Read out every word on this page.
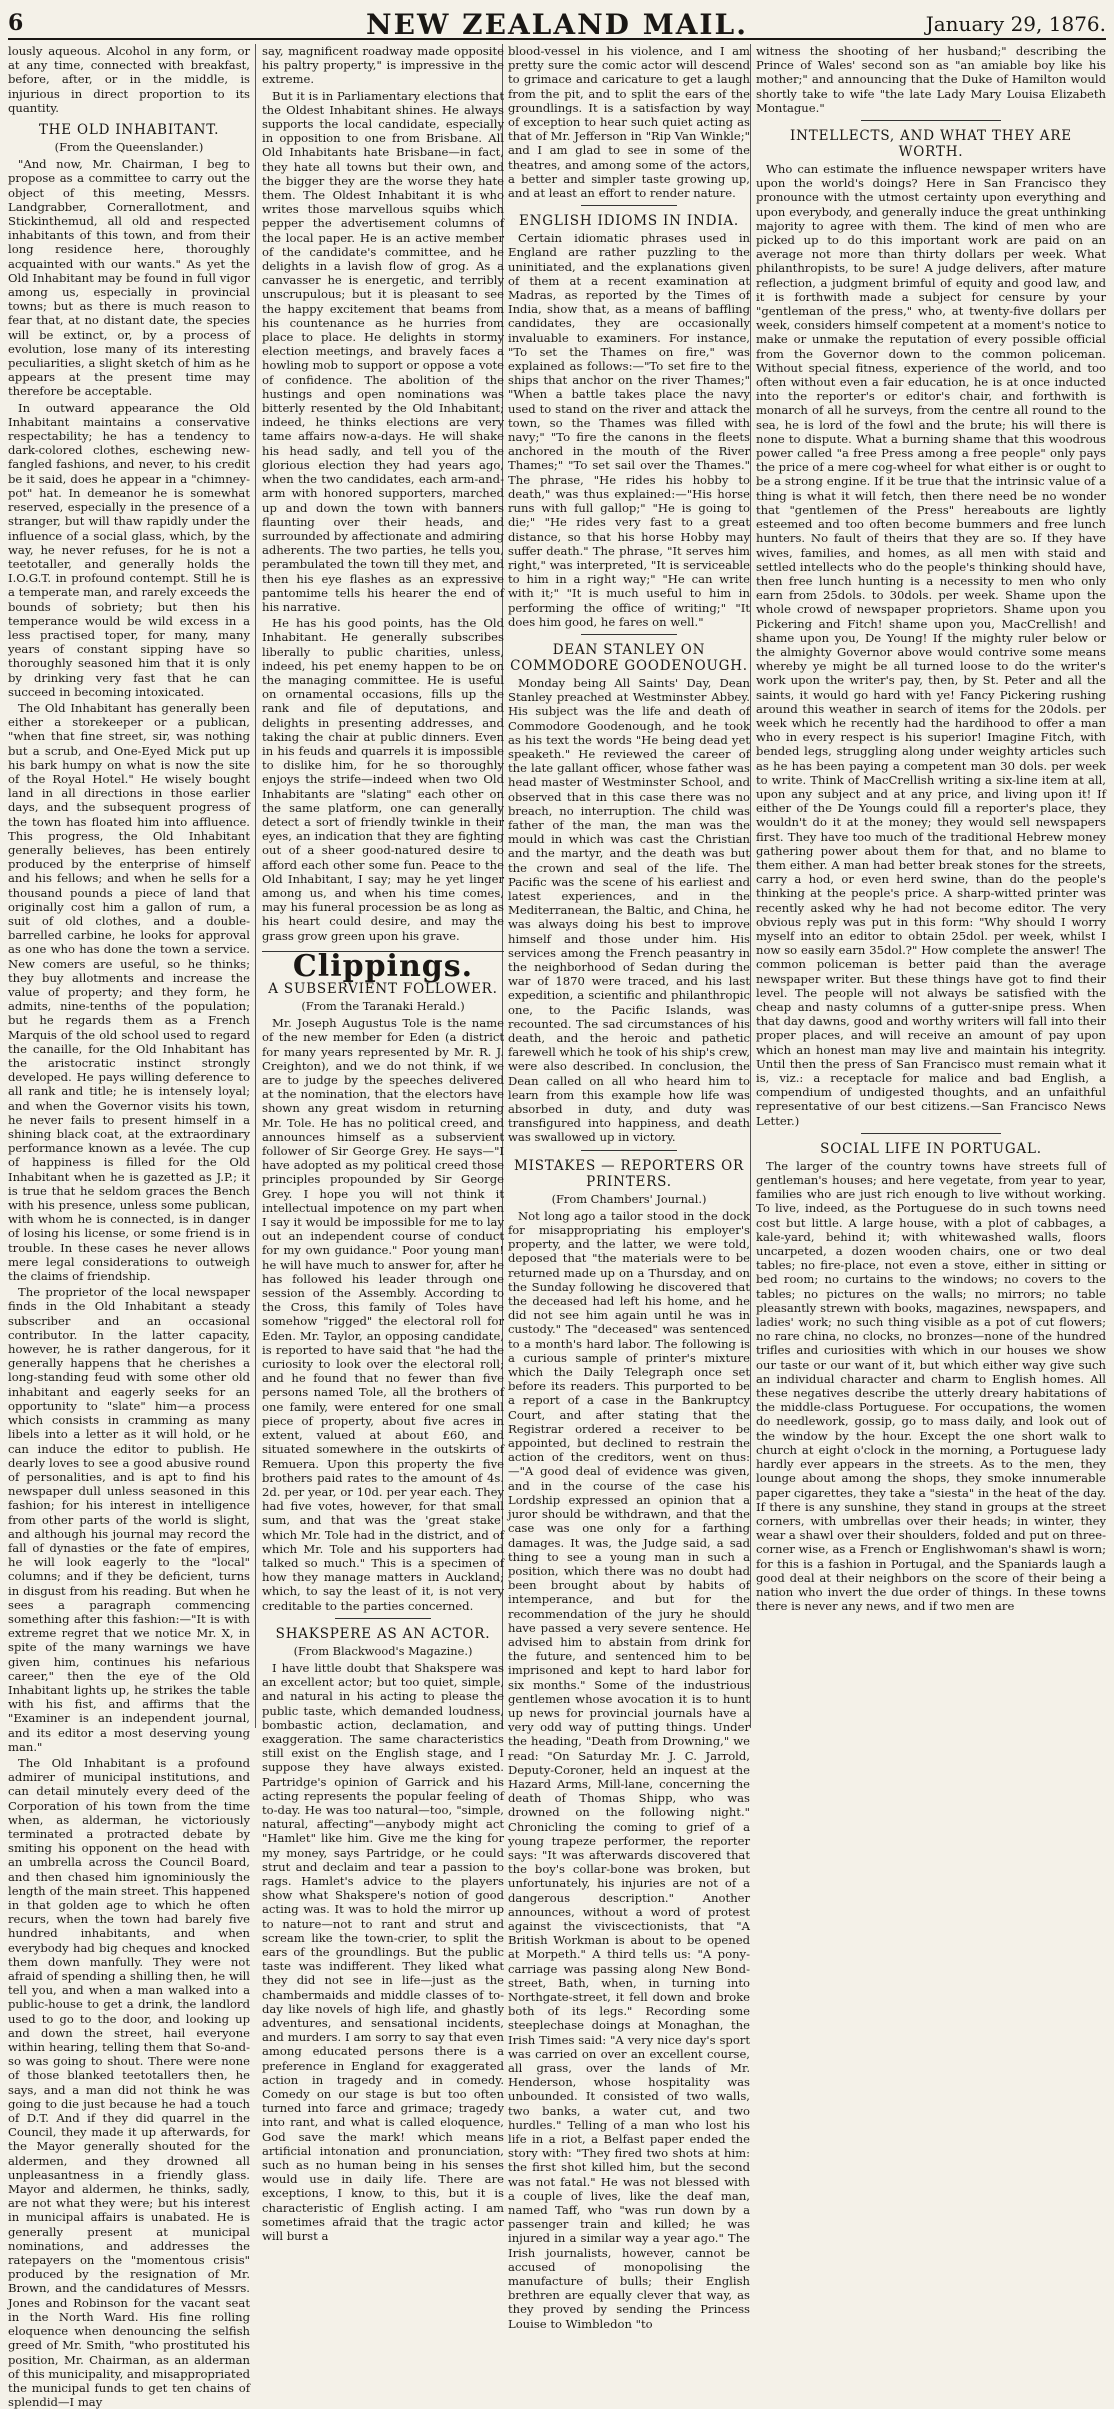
6	NEW ZEALAND MAIL.	January 29, 1876.

lously aqueous. Alcohol in any form, or at any time, connected with breakfast, before, after, or in the middle, is injurious in direct proportion to its quantity.

THE OLD INHABITANT.
(From the Queenslander.)

"And now, Mr. Chairman, I beg to propose as a committee to carry out the object of this meeting, Messrs. Landgrabber, Cornerallotment, and Stickinthemud, all old and respected inhabitants of this town, and from their long residence here, thoroughly acquainted with our wants." As yet the Old Inhabitant may be found in full vigor among us, especially in provincial towns; but as there is much reason to fear that, at no distant date, the species will be extinct, or, by a process of evolution, lose many of its interesting peculiarities, a slight sketch of him as he appears at the present time may therefore be acceptable.

In outward appearance the Old Inhabitant maintains a conservative respectability; he has a tendency to dark-colored clothes, eschewing new-fangled fashions, and never, to his credit be it said, does he appear in a "chimney-pot" hat. In demeanor he is somewhat reserved, especially in the presence of a stranger, but will thaw rapidly under the influence of a social glass, which, by the way, he never refuses, for he is not a teetotaller, and generally holds the I.O.G.T. in profound contempt. Still he is a temperate man, and rarely exceeds the bounds of sobriety; but then his temperance would be wild excess in a less practised toper, for many, many years of constant sipping have so thoroughly seasoned him that it is only by drinking very fast that he can succeed in becoming intoxicated.

The Old Inhabitant has generally been either a storekeeper or a publican, "when that fine street, sir, was nothing but a scrub, and One-Eyed Mick put up his bark humpy on what is now the site of the Royal Hotel." He wisely bought land in all directions in those earlier days, and the subsequent progress of the town has floated him into affluence. This progress, the Old Inhabitant generally believes, has been entirely produced by the enterprise of himself and his fellows; and when he sells for a thousand pounds a piece of land that originally cost him a gallon of rum, a suit of old clothes, and a double-barrelled carbine, he looks for approval as one who has done the town a service. New comers are useful, so he thinks; they buy allotments and increase the value of property; and they form, he admits, nine-tenths of the population; but he regards them as a French Marquis of the old school used to regard the canaille, for the Old Inhabitant has the aristocratic instinct strongly developed. He pays willing deference to all rank and title; he is intensely loyal; and when the Governor visits his town, he never fails to present himself in a shining black coat, at the extraordinary performance known as a levée. The cup of happiness is filled for the Old Inhabitant when he is gazetted as J.P.; it is true that he seldom graces the Bench with his presence, unless some publican, with whom he is connected, is in danger of losing his license, or some friend is in trouble. In these cases he never allows mere legal considerations to outweigh the claims of friendship.

The proprietor of the local newspaper finds in the Old Inhabitant a steady subscriber and an occasional contributor. In the latter capacity, however, he is rather dangerous, for it generally happens that he cherishes a long-standing feud with some other old inhabitant and eagerly seeks for an opportunity to "slate" him—a process which consists in cramming as many libels into a letter as it will hold, or he can induce the editor to publish. He dearly loves to see a good abusive round of personalities, and is apt to find his newspaper dull unless seasoned in this fashion; for his interest in intelligence from other parts of the world is slight, and although his journal may record the fall of dynasties or the fate of empires, he will look eagerly to the "local" columns; and if they be deficient, turns in disgust from his reading. But when he sees a paragraph commencing something after this fashion:—"It is with extreme regret that we notice Mr. X, in spite of the many warnings we have given him, continues his nefarious career," then the eye of the Old Inhabitant lights up, he strikes the table with his fist, and affirms that the "Examiner is an independent journal, and its editor a most deserving young man."

The Old Inhabitant is a profound admirer of municipal institutions, and can detail minutely every deed of the Corporation of his town from the time when, as alderman, he victoriously terminated a protracted debate by smiting his opponent on the head with an umbrella across the Council Board, and then chased him ignominiously the length of the main street. This happened in that golden age to which he often recurs, when the town had barely five hundred inhabitants, and when everybody had big cheques and knocked them down manfully. They were not afraid of spending a shilling then, he will tell you, and when a man walked into a public-house to get a drink, the landlord used to go to the door, and looking up and down the street, hail everyone within hearing, telling them that So-and-so was going to shout. There were none of those blanked teetotallers then, he says, and a man did not think he was going to die just because he had a touch of D.T. And if they did quarrel in the Council, they made it up afterwards, for the Mayor generally shouted for the aldermen, and they drowned all unpleasantness in a friendly glass. Mayor and aldermen, he thinks, sadly, are not what they were; but his interest in municipal affairs is unabated. He is generally present at municipal nominations, and addresses the ratepayers on the "momentous crisis" produced by the resignation of Mr. Brown, and the candidatures of Messrs. Jones and Robinson for the vacant seat in the North Ward. His fine rolling eloquence when denouncing the selfish greed of Mr. Smith, "who prostituted his position, Mr. Chairman, as an alderman of this municipality, and misappropriated the municipal funds to get ten chains of splendid—I may

say, magnificent roadway made opposite his paltry property," is impressive in the extreme.

But it is in Parliamentary elections that the Oldest Inhabitant shines. He always supports the local candidate, especially in opposition to one from Brisbane. All Old Inhabitants hate Brisbane—in fact, they hate all towns but their own, and the bigger they are the worse they hate them. The Oldest Inhabitant it is who writes those marvellous squibs which pepper the advertisement columns of the local paper. He is an active member of the candidate's committee, and he delights in a lavish flow of grog. As a canvasser he is energetic, and terribly unscrupulous; but it is pleasant to see the happy excitement that beams from his countenance as he hurries from place to place. He delights in stormy election meetings, and bravely faces a howling mob to support or oppose a vote of confidence. The abolition of the hustings and open nominations was bitterly resented by the Old Inhabitant; indeed, he thinks elections are very tame affairs now-a-days. He will shake his head sadly, and tell you of the glorious election they had years ago, when the two candidates, each arm-and-arm with honored supporters, marched up and down the town with banners flaunting over their heads, and surrounded by affectionate and admiring adherents. The two parties, he tells you, perambulated the town till they met, and then his eye flashes as an expressive pantomime tells his hearer the end of his narrative.

He has his good points, has the Old Inhabitant. He generally subscribes liberally to public charities, unless, indeed, his pet enemy happen to be on the managing committee. He is useful on ornamental occasions, fills up the rank and file of deputations, and delights in presenting addresses, and taking the chair at public dinners. Even in his feuds and quarrels it is impossible to dislike him, for he so thoroughly enjoys the strife—indeed when two Old Inhabitants are "slating" each other on the same platform, one can generally detect a sort of friendly twinkle in their eyes, an indication that they are fighting out of a sheer good-natured desire to afford each other some fun. Peace to the Old Inhabitant, I say; may he yet linger among us, and when his time comes, may his funeral procession be as long as his heart could desire, and may the grass grow green upon his grave.

Clippings.
A SUBSERVIENT FOLLOWER.
(From the Taranaki Herald.)

Mr. Joseph Augustus Tole is the name of the new member for Eden (a district for many years represented by Mr. R. J. Creighton), and we do not think, if we are to judge by the speeches delivered at the nomination, that the electors have shown any great wisdom in returning Mr. Tole. He has no political creed, and announces himself as a subservient follower of Sir George Grey. He says—"I have adopted as my political creed those principles propounded by Sir George Grey. I hope you will not think it intellectual impotence on my part when I say it would be impossible for me to lay out an independent course of conduct for my own guidance." Poor young man! he will have much to answer for, after he has followed his leader through one session of the Assembly. According to the Cross, this family of Toles have somehow "rigged" the electoral roll for Eden. Mr. Taylor, an opposing candidate, is reported to have said that "he had the curiosity to look over the electoral roll; and he found that no fewer than five persons named Tole, all the brothers of one family, were entered for one small piece of property, about five acres in extent, valued at about £60, and situated somewhere in the outskirts of Remuera. Upon this property the five brothers paid rates to the amount of 4s. 2d. per year, or 10d. per year each. They had five votes, however, for that small sum, and that was the 'great stake' which Mr. Tole had in the district, and of which Mr. Tole and his supporters had talked so much." This is a specimen of how they manage matters in Auckland; which, to say the least of it, is not very creditable to the parties concerned.

SHAKSPERE AS AN ACTOR.
(From Blackwood's Magazine.)

I have little doubt that Shakspere was an excellent actor; but too quiet, simple, and natural in his acting to please the public taste, which demanded loudness, bombastic action, declamation, and exaggeration. The same characteristics still exist on the English stage, and I suppose they have always existed. Partridge's opinion of Garrick and his acting represents the popular feeling of to-day. He was too natural—too, "simple, natural, affecting"—anybody might act "Hamlet" like him. Give me the king for my money, says Partridge, or he could strut and declaim and tear a passion to rags. Hamlet's advice to the players show what Shakspere's notion of good acting was. It was to hold the mirror up to nature—not to rant and strut and scream like the town-crier, to split the ears of the groundlings. But the public taste was indifferent. They liked what they did not see in life—just as the chambermaids and middle classes of to-day like novels of high life, and ghastly adventures, and sensational incidents, and murders. I am sorry to say that even among educated persons there is a preference in England for exaggerated action in tragedy and in comedy. Comedy on our stage is but too often turned into farce and grimace; tragedy into rant, and what is called eloquence, God save the mark! which means artificial intonation and pronunciation, such as no human being in his senses would use in daily life. There are exceptions, I know, to this, but it is characteristic of English acting. I am sometimes afraid that the tragic actor will burst a

blood-vessel in his violence, and I am pretty sure the comic actor will descend to grimace and caricature to get a laugh from the pit, and to split the ears of the groundlings. It is a satisfaction by way of exception to hear such quiet acting as that of Mr. Jefferson in "Rip Van Winkle;" and I am glad to see in some of the theatres, and among some of the actors, a better and simpler taste growing up, and at least an effort to render nature.

ENGLISH IDIOMS IN INDIA.

Certain idiomatic phrases used in England are rather puzzling to the uninitiated, and the explanations given of them at a recent examination at Madras, as reported by the Times of India, show that, as a means of baffling candidates, they are occasionally invaluable to examiners. For instance, "To set the Thames on fire," was explained as follows:—"To set fire to the ships that anchor on the river Thames;" "When a battle takes place the navy used to stand on the river and attack the town, so the Thames was filled with navy;" "To fire the canons in the fleets anchored in the mouth of the River Thames;" "To set sail over the Thames." The phrase, "He rides his hobby to death," was thus explained:—"His horse runs with full gallop;" "He is going to die;" "He rides very fast to a great distance, so that his horse Hobby may suffer death." The phrase, "It serves him right," was interpreted, "It is serviceable to him in a right way;" "He can write with it;" "It is much useful to him in performing the office of writing;" "It does him good, he fares on well."

DEAN STANLEY ON COMMODORE GOODENOUGH.

Monday being All Saints' Day, Dean Stanley preached at Westminster Abbey. His subject was the life and death of Commodore Goodenough, and he took as his text the words "He being dead yet speaketh." He reviewed the career of the late gallant officer, whose father was head master of Westminster School, and observed that in this case there was no breach, no interruption. The child was father of the man, the man was the mould in which was cast the Christian and the martyr, and the death was but the crown and seal of the life. The Pacific was the scene of his earliest and latest experiences, and in the Mediterranean, the Baltic, and China, he was always doing his best to improve himself and those under him. His services among the French peasantry in the neighborhood of Sedan during the war of 1870 were traced, and his last expedition, a scientific and philanthropic one, to the Pacific Islands, was recounted. The sad circumstances of his death, and the heroic and pathetic farewell which he took of his ship's crew, were also described. In conclusion, the Dean called on all who heard him to learn from this example how life was absorbed in duty, and duty was transfigured into happiness, and death was swallowed up in victory.

MISTAKES — REPORTERS OR PRINTERS.
(From Chambers' Journal.)

Not long ago a tailor stood in the dock for misappropriating his employer's property, and the latter, we were told, deposed that "the materials were to be returned made up on a Thursday, and on the Sunday following he discovered that the deceased had left his home, and he did not see him again until he was in custody." The "deceased" was sentenced to a month's hard labor. The following is a curious sample of printer's mixture which the Daily Telegraph once set before its readers. This purported to be a report of a case in the Bankruptcy Court, and after stating that the Registrar ordered a receiver to be appointed, but declined to restrain the action of the creditors, went on thus:—"A good deal of evidence was given, and in the course of the case his Lordship expressed an opinion that a juror should be withdrawn, and that the case was one only for a farthing damages. It was, the Judge said, a sad thing to see a young man in such a position, which there was no doubt had been brought about by habits of intemperance, and but for the recommendation of the jury he should have passed a very severe sentence. He advised him to abstain from drink for the future, and sentenced him to be imprisoned and kept to hard labor for six months." Some of the industrious gentlemen whose avocation it is to hunt up news for provincial journals have a very odd way of putting things. Under the heading, "Death from Drowning," we read: "On Saturday Mr. J. C. Jarrold, Deputy-Coroner, held an inquest at the Hazard Arms, Mill-lane, concerning the death of Thomas Shipp, who was drowned on the following night." Chronicling the coming to grief of a young trapeze performer, the reporter says: "It was afterwards discovered that the boy's collar-bone was broken, but unfortunately, his injuries are not of a dangerous description." Another announces, without a word of protest against the viviscectionists, that "A British Workman is about to be opened at Morpeth." A third tells us: "A pony-carriage was passing along New Bond-street, Bath, when, in turning into Northgate-street, it fell down and broke both of its legs." Recording some steeplechase doings at Monaghan, the Irish Times said: "A very nice day's sport was carried on over an excellent course, all grass, over the lands of Mr. Henderson, whose hospitality was unbounded. It consisted of two walls, two banks, a water cut, and two hurdles." Telling of a man who lost his life in a riot, a Belfast paper ended the story with: "They fired two shots at him: the first shot killed him, but the second was not fatal." He was not blessed with a couple of lives, like the deaf man, named Taff, who "was run down by a passenger train and killed; he was injured in a similar way a year ago." The Irish journalists, however, cannot be accused of monopolising the manufacture of bulls; their English brethren are equally clever that way, as they proved by sending the Princess Louise to Wimbledon "to

witness the shooting of her husband;" describing the Prince of Wales' second son as "an amiable boy like his mother;" and announcing that the Duke of Hamilton would shortly take to wife "the late Lady Mary Louisa Elizabeth Montague."

INTELLECTS, AND WHAT THEY ARE WORTH.

Who can estimate the influence newspaper writers have upon the world's doings? Here in San Francisco they pronounce with the utmost certainty upon everything and upon everybody, and generally induce the great unthinking majority to agree with them. The kind of men who are picked up to do this important work are paid on an average not more than thirty dollars per week. What philanthropists, to be sure! A judge delivers, after mature reflection, a judgment brimful of equity and good law, and it is forthwith made a subject for censure by your "gentleman of the press," who, at twenty-five dollars per week, considers himself competent at a moment's notice to make or unmake the reputation of every possible official from the Governor down to the common policeman. Without special fitness, experience of the world, and too often without even a fair education, he is at once inducted into the reporter's or editor's chair, and forthwith is monarch of all he surveys, from the centre all round to the sea, he is lord of the fowl and the brute; his will there is none to dispute. What a burning shame that this woodrous power called "a free Press among a free people" only pays the price of a mere cog-wheel for what either is or ought to be a strong engine. If it be true that the intrinsic value of a thing is what it will fetch, then there need be no wonder that "gentlemen of the Press" hereabouts are lightly esteemed and too often become bummers and free lunch hunters. No fault of theirs that they are so. If they have wives, families, and homes, as all men with staid and settled intellects who do the people's thinking should have, then free lunch hunting is a necessity to men who only earn from 25dols. to 30dols. per week. Shame upon the whole crowd of newspaper proprietors. Shame upon you Pickering and Fitch! shame upon you, MacCrellish! and shame upon you, De Young! If the mighty ruler below or the almighty Governor above would contrive some means whereby ye might be all turned loose to do the writer's work upon the writer's pay, then, by St. Peter and all the saints, it would go hard with ye! Fancy Pickering rushing around this weather in search of items for the 20dols. per week which he recently had the hardihood to offer a man who in every respect is his superior! Imagine Fitch, with bended legs, struggling along under weighty articles such as he has been paying a competent man 30 dols. per week to write. Think of MacCrellish writing a six-line item at all, upon any subject and at any price, and living upon it! If either of the De Youngs could fill a reporter's place, they wouldn't do it at the money; they would sell newspapers first. They have too much of the traditional Hebrew money gathering power about them for that, and no blame to them either. A man had better break stones for the streets, carry a hod, or even herd swine, than do the people's thinking at the people's price. A sharp-witted printer was recently asked why he had not become editor. The very obvious reply was put in this form: "Why should I worry myself into an editor to obtain 25dol. per week, whilst I now so easily earn 35dol.?" How complete the answer! The common policeman is better paid than the average newspaper writer. But these things have got to find their level. The people will not always be satisfied with the cheap and nasty columns of a gutter-snipe press. When that day dawns, good and worthy writers will fall into their proper places, and will receive an amount of pay upon which an honest man may live and maintain his integrity. Until then the press of San Francisco must remain what it is, viz.: a receptacle for malice and bad English, a compendium of undigested thoughts, and an unfaithful representative of our best citizens.—San Francisco News Letter.)

SOCIAL LIFE IN PORTUGAL.

The larger of the country towns have streets full of gentleman's houses; and here vegetate, from year to year, families who are just rich enough to live without working. To live, indeed, as the Portuguese do in such towns need cost but little. A large house, with a plot of cabbages, a kale-yard, behind it; with whitewashed walls, floors uncarpeted, a dozen wooden chairs, one or two deal tables; no fire-place, not even a stove, either in sitting or bed room; no curtains to the windows; no covers to the tables; no pictures on the walls; no mirrors; no table pleasantly strewn with books, magazines, newspapers, and ladies' work; no such thing visible as a pot of cut flowers; no rare china, no clocks, no bronzes—none of the hundred trifles and curiosities with which in our houses we show our taste or our want of it, but which either way give such an individual character and charm to English homes. All these negatives describe the utterly dreary habitations of the middle-class Portuguese. For occupations, the women do needlework, gossip, go to mass daily, and look out of the window by the hour. Except the one short walk to church at eight o'clock in the morning, a Portuguese lady hardly ever appears in the streets. As to the men, they lounge about among the shops, they smoke innumerable paper cigarettes, they take a "siesta" in the heat of the day. If there is any sunshine, they stand in groups at the street corners, with umbrellas over their heads; in winter, they wear a shawl over their shoulders, folded and put on three-corner wise, as a French or Englishwoman's shawl is worn; for this is a fashion in Portugal, and the Spaniards laugh a good deal at their neighbors on the score of their being a nation who invert the due order of things. In these towns there is never any news, and if two men are
